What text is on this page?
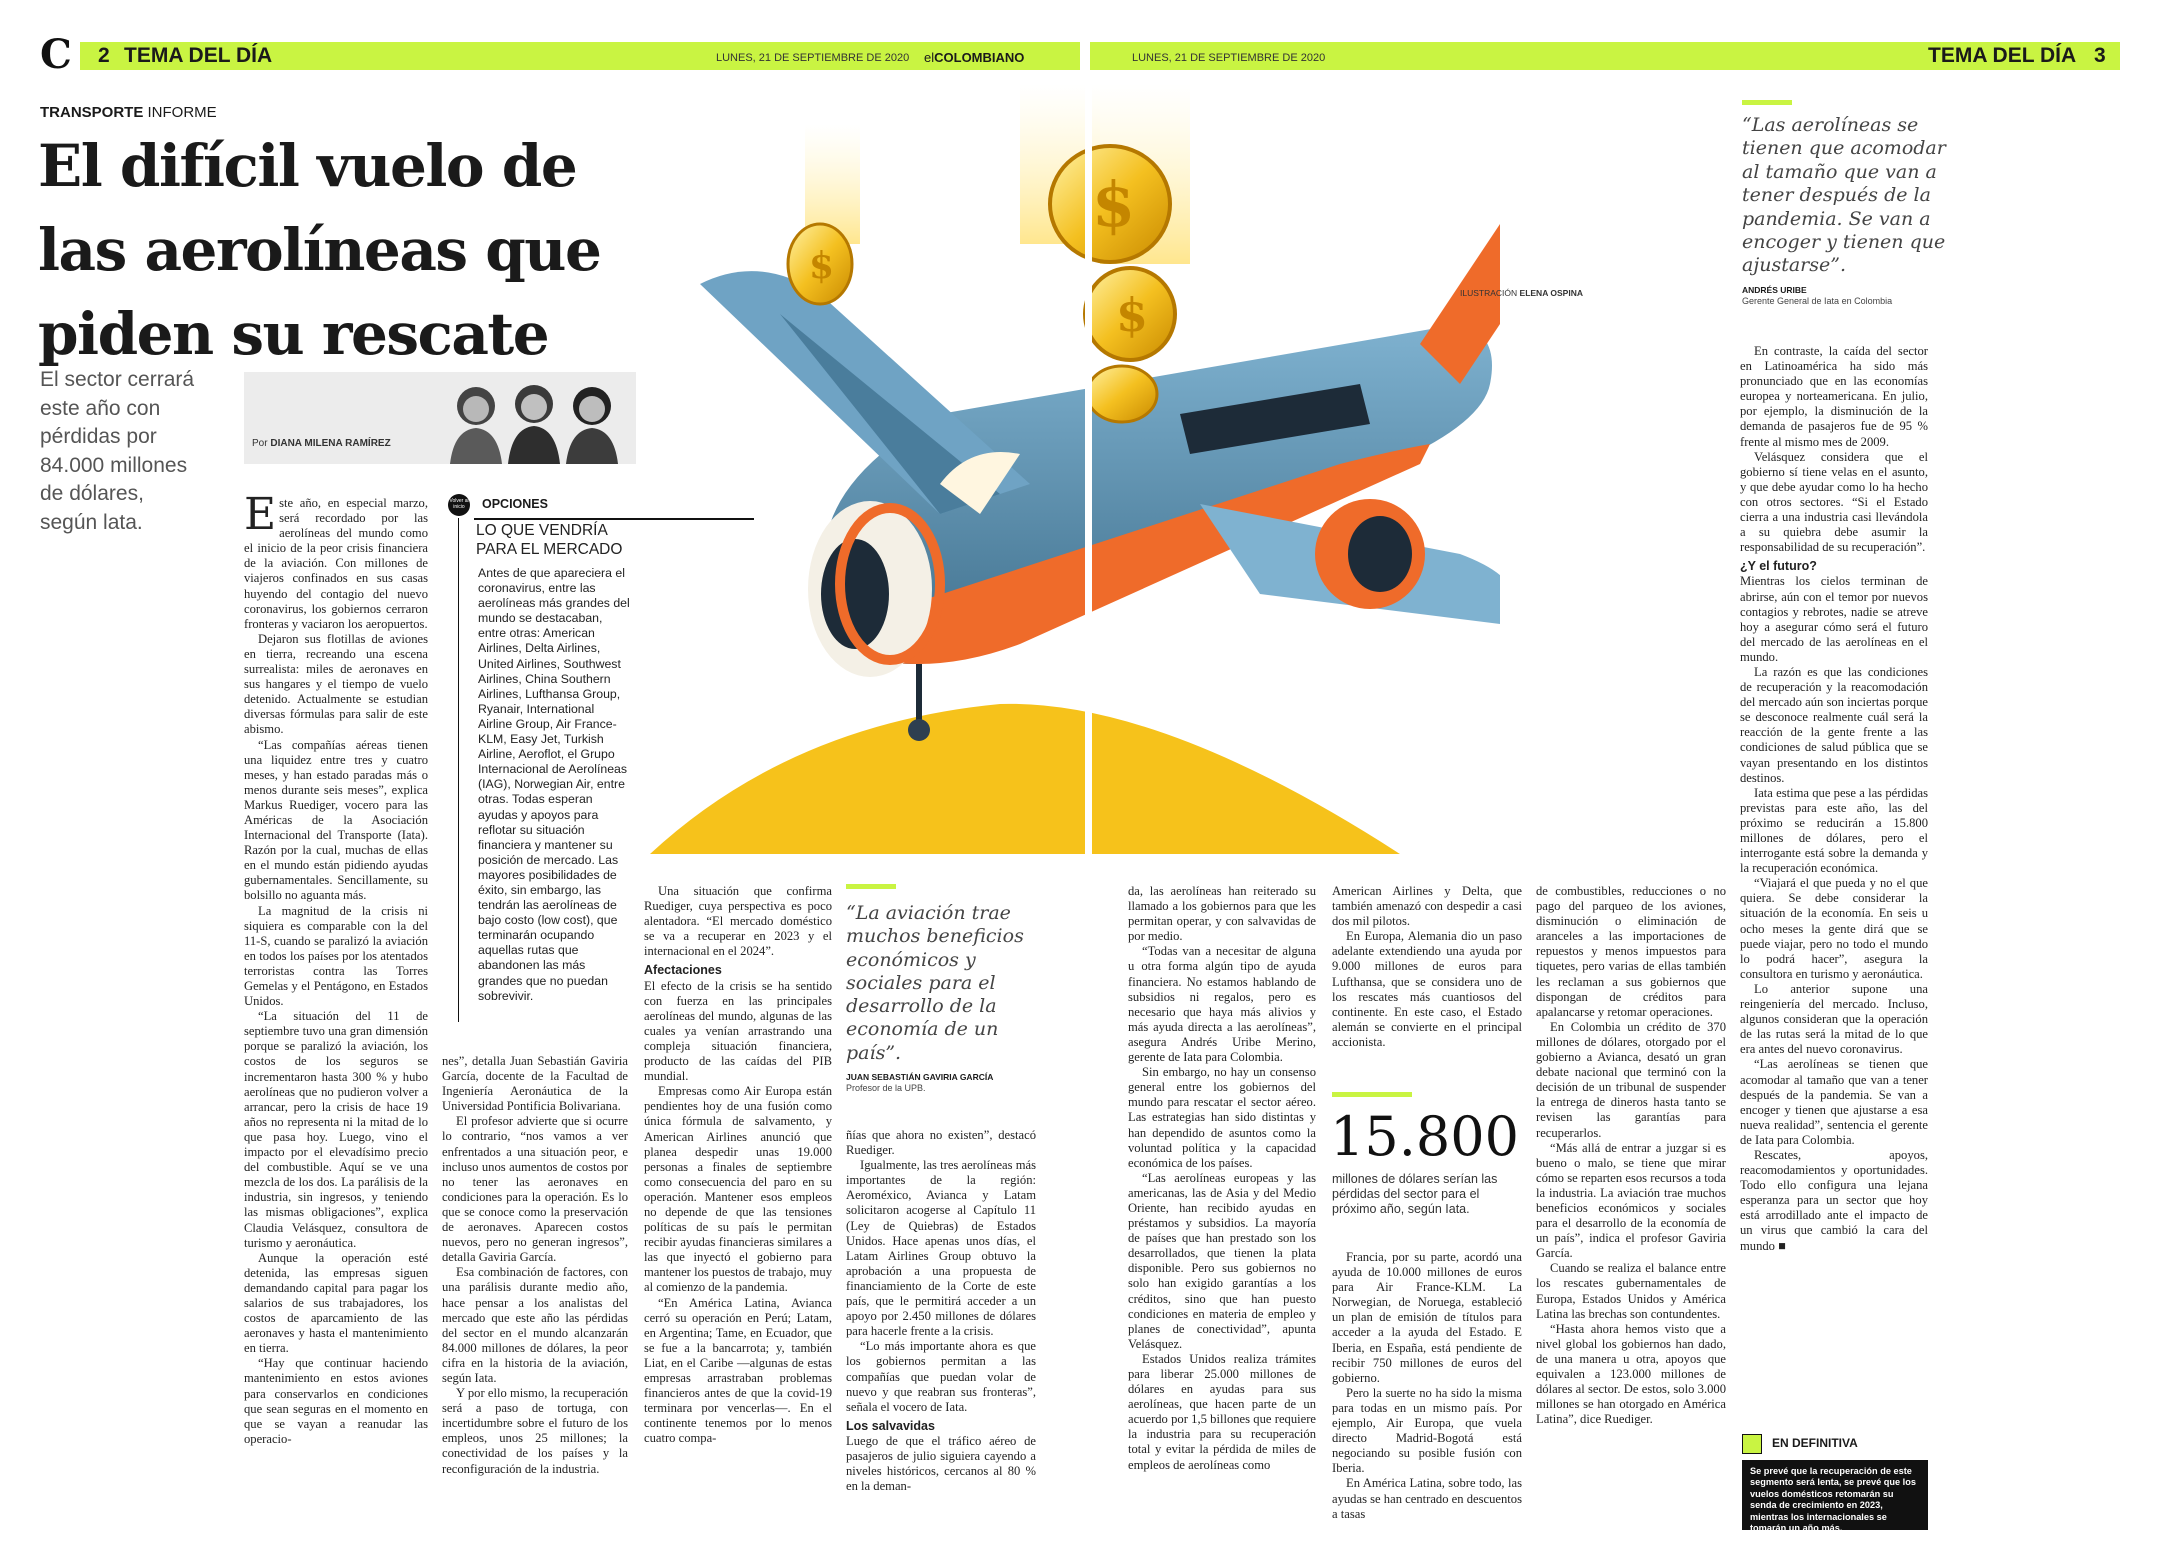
C 2 TEMA DEL DÍA	LUNES, 21 DE SEPTIEMBRE DE 2020 elCOLOMBIANO	LUNES, 21 DE SEPTIEMBRE DE 2020	TEMA DEL DÍA 3
TRANSPORTE INFORME
El difícil vuelo de
las aerolíneas que
piden su rescate
El sector cerrará
este año con
pérdidas por
84.000 millones
de dólares,
según lata.
Por DIANA MILENA RAMÍREZ
$
$
$
ILUSTRACIÓN ELENA OSPINA
“Las aerolíneas se tienen que acomodar al tamaño que van a tener después de la pandemia. Se van a encoger y tienen que ajustarse”.
ANDRÉS URIBE
Gerente General de Iata en Colombia
Volver al inicio	OPCIONES
LO QUE VENDRÍA
PARA EL MERCADO
Antes de que apareciera el coronavirus, entre las aerolíneas más grandes del mundo se destacaban, entre otras: American Airlines, Delta Airlines, United Airlines, Southwest Airlines, China Southern Airlines, Lufthansa Group, Ryanair, International Airline Group, Air France-KLM, Easy Jet, Turkish Airline, Aeroflot, el Grupo Internacional de Aerolíneas (IAG), Norwegian Air, entre otras. Todas esperan ayudas y apoyos para reflotar su situación financiera y mantener su posición de mercado. Las mayores posibilidades de éxito, sin embargo, las tendrán las aerolíneas de bajo costo (low cost), que terminarán ocupando aquellas rutas que abandonen las más grandes que no puedan sobrevivir.

Este año, en especial marzo, será recordado por las aerolíneas del mundo como el inicio de la peor crisis financiera de la aviación. Con millones de viajeros confinados en sus casas huyendo del contagio del nuevo coronavirus, los gobiernos cerraron fronteras y vaciaron los aeropuertos.

Dejaron sus flotillas de aviones en tierra, recreando una escena surrealista: miles de aeronaves en sus hangares y el tiempo de vuelo detenido. Actualmente se estudian diversas fórmulas para salir de este abismo.

“Las compañías aéreas tienen una liquidez entre tres y cuatro meses, y han estado paradas más o menos durante seis meses”, explica Markus Ruediger, vocero para las Américas de la Asociación Internacional del Transporte (Iata). Razón por la cual, muchas de ellas en el mundo están pidiendo ayudas gubernamentales. Sencillamente, su bolsillo no aguanta más.

La magnitud de la crisis ni siquiera es comparable con la del 11-S, cuando se paralizó la aviación en todos los países por los atentados terroristas contra las Torres Gemelas y el Pentágono, en Estados Unidos.

“La situación del 11 de septiembre tuvo una gran dimensión porque se paralizó la aviación, los costos de los seguros se incrementaron hasta 300 % y hubo aerolíneas que no pudieron volver a arrancar, pero la crisis de hace 19 años no representa ni la mitad de lo que pasa hoy. Luego, vino el impacto por el elevadísimo precio del combustible. Aquí se ve una mezcla de los dos. La parálisis de la industria, sin ingresos, y teniendo las mismas obligaciones”, explica Claudia Velásquez, consultora de turismo y aeronáutica.

Aunque la operación esté detenida, las empresas siguen demandando capital para pagar los salarios de sus trabajadores, los costos de aparcamiento de las aeronaves y hasta el mantenimiento en tierra.

“Hay que continuar haciendo mantenimiento en estos aviones para conservarlos en condiciones que sean seguras en el momento en que se vayan a reanudar las operacio-

nes”, detalla Juan Sebastián Gaviria García, docente de la Facultad de Ingeniería Aeronáutica de la Universidad Pontificia Bolivariana.

El profesor advierte que si ocurre lo contrario, “nos vamos a ver enfrentados a una situación peor, e incluso unos aumentos de costos por no tener las aeronaves en condiciones para la operación. Es lo que se conoce como la preservación de aeronaves. Aparecen costos nuevos, pero no generan ingresos”, detalla Gaviria García.

Esa combinación de factores, con una parálisis durante medio año, hace pensar a los analistas del mercado que este año las pérdidas del sector en el mundo alcanzarán 84.000 millones de dólares, la peor cifra en la historia de la aviación, según Iata.

Y por ello mismo, la recuperación será a paso de tortuga, con incertidumbre sobre el futuro de los empleos, unos 25 millones; la conectividad de los países y la reconfiguración de la industria.

Una situación que confirma Ruediger, cuya perspectiva es poco alentadora. “El mercado doméstico se va a recuperar en 2023 y el internacional en el 2024”.

Afectaciones

El efecto de la crisis se ha sentido con fuerza en las principales aerolíneas del mundo, algunas de las cuales ya venían arrastrando una compleja situación financiera, producto de las caídas del PIB mundial.

Empresas como Air Europa están pendientes hoy de una fusión como única fórmula de salvamento, y American Airlines anunció que planea despedir unas 19.000 personas a finales de septiembre como consecuencia del paro en su operación. Mantener esos empleos no depende de que las tensiones políticas de su país le permitan recibir ayudas financieras similares a las que inyectó el gobierno para mantener los puestos de trabajo, muy al comienzo de la pandemia.

“En América Latina, Avianca cerró su operación en Perú; Latam, en Argentina; Tame, en Ecuador, que se fue a la bancarrota; y, también Liat, en el Caribe —algunas de estas empresas arrastraban problemas financieros antes de que la covid-19 terminara por vencerlas—. En el continente tenemos por lo menos cuatro compa-

“La aviación trae muchos beneficios económicos y sociales para el desarrollo de la economía de un país”.
JUAN SEBASTIÁN GAVIRIA GARCÍA
Profesor de la UPB.

ñías que ahora no existen”, destacó Ruediger.

Igualmente, las tres aerolíneas más importantes de la región: Aeroméxico, Avianca y Latam solicitaron acogerse al Capítulo 11 (Ley de Quiebras) de Estados Unidos. Hace apenas unos días, el Latam Airlines Group obtuvo la aprobación a una propuesta de financiamiento de la Corte de este país, que le permitirá acceder a un apoyo por 2.450 millones de dólares para hacerle frente a la crisis.

“Lo más importante ahora es que los gobiernos permitan a las compañías que puedan volar de nuevo y que reabran sus fronteras”, señala el vocero de Iata.

Los salvavidas

Luego de que el tráfico aéreo de pasajeros de julio siguiera cayendo a niveles históricos, cercanos al 80 % en la deman-

da, las aerolíneas han reiterado su llamado a los gobiernos para que les permitan operar, y con salvavidas de por medio.

“Todas van a necesitar de alguna u otra forma algún tipo de ayuda financiera. No estamos hablando de subsidios ni regalos, pero es necesario que haya más alivios y más ayuda directa a las aerolíneas”, asegura Andrés Uribe Merino, gerente de Iata para Colombia.

Sin embargo, no hay un consenso general entre los gobiernos del mundo para rescatar el sector aéreo. Las estrategias han sido distintas y han dependido de asuntos como la voluntad política y la capacidad económica de los países.

“Las aerolíneas europeas y las americanas, las de Asia y del Medio Oriente, han recibido ayudas en préstamos y subsidios. La mayoría de países que han prestado son los desarrollados, que tienen la plata disponible. Pero sus gobiernos no solo han exigido garantías a los créditos, sino que han puesto condiciones en materia de empleo y planes de conectividad”, apunta Velásquez.

Estados Unidos realiza trámites para liberar 25.000 millones de dólares en ayudas para sus aerolíneas, que hacen parte de un acuerdo por 1,5 billones que requiere la industria para su recuperación total y evitar la pérdida de miles de empleos de aerolíneas como

American Airlines y Delta, que también amenazó con despedir a casi dos mil pilotos.

En Europa, Alemania dio un paso adelante extendiendo una ayuda por 9.000 millones de euros para Lufthansa, que se considera uno de los rescates más cuantiosos del continente. En este caso, el Estado alemán se convierte en el principal accionista.

15.800
millones de dólares serían las pérdidas del sector para el próximo año, según Iata.

Francia, por su parte, acordó una ayuda de 10.000 millones de euros para Air France-KLM. La Norwegian, de Noruega, estableció un plan de emisión de títulos para acceder a la ayuda del Estado. E Iberia, en España, está pendiente de recibir 750 millones de euros del gobierno.

Pero la suerte no ha sido la misma para todas en un mismo país. Por ejemplo, Air Europa, que vuela directo Madrid-Bogotá está negociando su posible fusión con Iberia.

En América Latina, sobre todo, las ayudas se han centrado en descuentos a tasas

de combustibles, reducciones o no pago del parqueo de los aviones, disminución o eliminación de aranceles a las importaciones de repuestos y menos impuestos para tiquetes, pero varias de ellas también les reclaman a sus gobiernos que dispongan de créditos para apalancarse y retomar operaciones.

En Colombia un crédito de 370 millones de dólares, otorgado por el gobierno a Avianca, desató un gran debate nacional que terminó con la decisión de un tribunal de suspender la entrega de dineros hasta tanto se revisen las garantías para recuperarlos.

“Más allá de entrar a juzgar si es bueno o malo, se tiene que mirar cómo se reparten esos recursos a toda la industria. La aviación trae muchos beneficios económicos y sociales para el desarrollo de la economía de un país”, indica el profesor Gaviria García.

Cuando se realiza el balance entre los rescates gubernamentales de Europa, Estados Unidos y América Latina las brechas son contundentes.

“Hasta ahora hemos visto que a nivel global los gobiernos han dado, de una manera u otra, apoyos que equivalen a 123.000 millones de dólares al sector. De estos, solo 3.000 millones se han otorgado en América Latina”, dice Ruediger.

En contraste, la caída del sector en Latinoamérica ha sido más pronunciado que en las economías europea y norteamericana. En julio, por ejemplo, la disminución de la demanda de pasajeros fue de 95 % frente al mismo mes de 2009.

Velásquez considera que el gobierno sí tiene velas en el asunto, y que debe ayudar como lo ha hecho con otros sectores. “Si el Estado cierra a una industria casi llevándola a su quiebra debe asumir la responsabilidad de su recuperación”.

¿Y el futuro?

Mientras los cielos terminan de abrirse, aún con el temor por nuevos contagios y rebrotes, nadie se atreve hoy a asegurar cómo será el futuro del mercado de las aerolíneas en el mundo.

La razón es que las condiciones de recuperación y la reacomodación del mercado aún son inciertas porque se desconoce realmente cuál será la reacción de la gente frente a las condiciones de salud pública que se vayan presentando en los distintos destinos.

Iata estima que pese a las pérdidas previstas para este año, las del próximo se reducirán a 15.800 millones de dólares, pero el interrogante está sobre la demanda y la recuperación económica.

“Viajará el que pueda y no el que quiera. Se debe considerar la situación de la economía. En seis u ocho meses la gente dirá que se puede viajar, pero no todo el mundo lo podrá hacer”, asegura la consultora en turismo y aeronáutica.

Lo anterior supone una reingeniería del mercado. Incluso, algunos consideran que la operación de las rutas será la mitad de lo que era antes del nuevo coronavirus.

“Las aerolíneas se tienen que acomodar al tamaño que van a tener después de la pandemia. Se van a encoger y tienen que ajustarse a esa nueva realidad”, sentencia el gerente de Iata para Colombia.

Rescates, apoyos, reacomodamientos y oportunidades. Todo ello configura una lejana esperanza para un sector que hoy está arrodillado ante el impacto de un virus que cambió la cara del mundo ■

EN DEFINITIVA
Se prevé que la recuperación de este segmento será lenta, se prevé que los vuelos domésticos retomarán su senda de crecimiento en 2023, mientras los internacionales se tomarán un año más.
